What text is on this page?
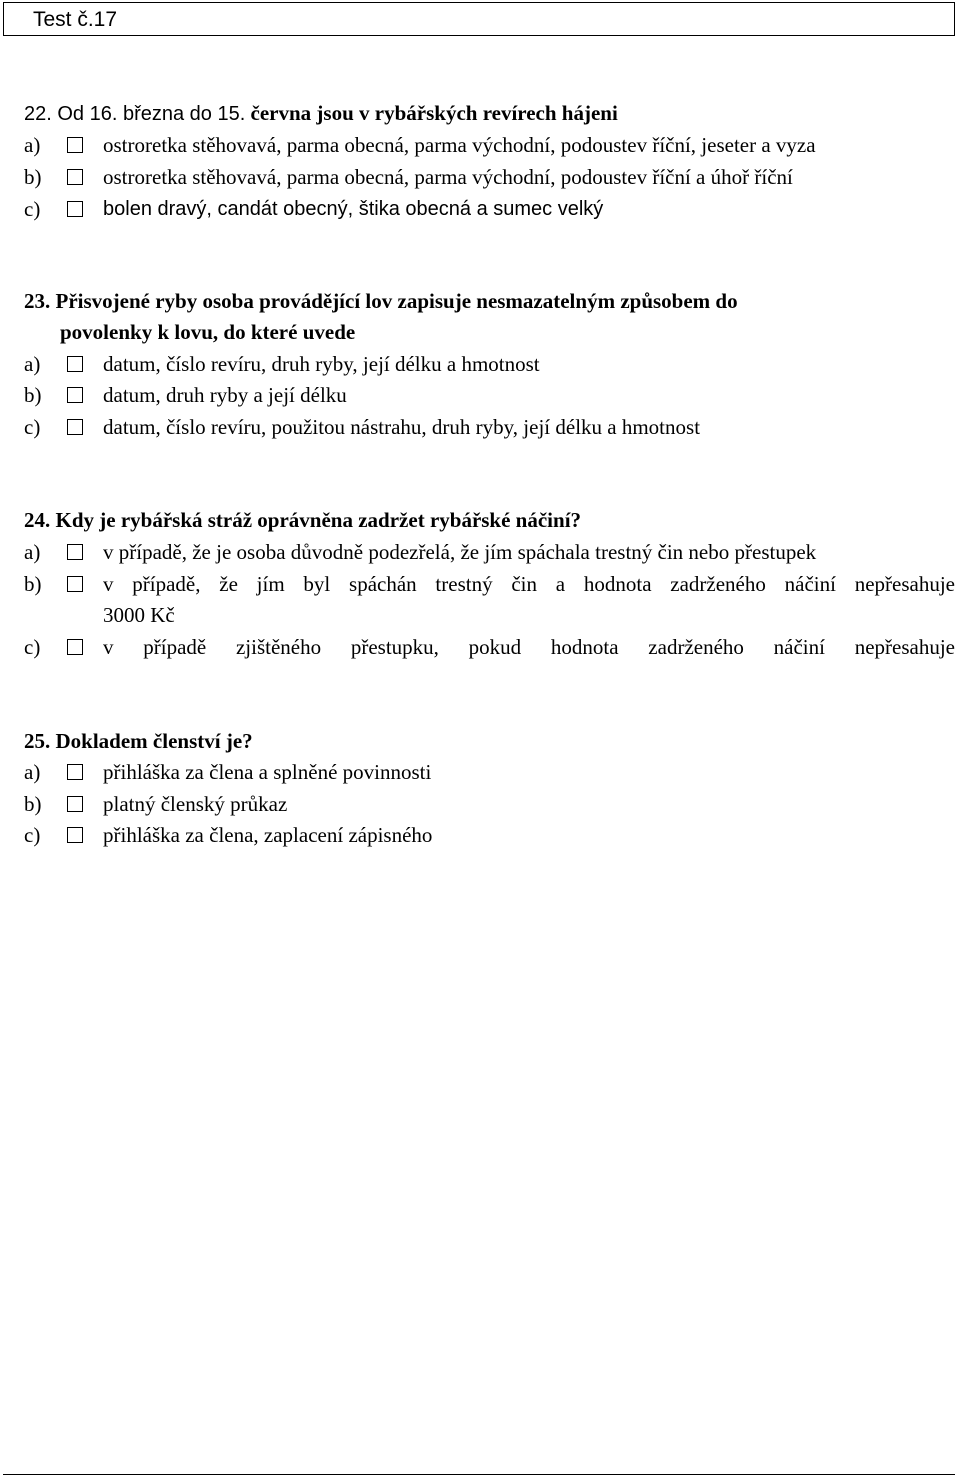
Test č.17
22. Od 16. března do 15. června jsou v rybářských revírech hájeni
a)	ostroretka stěhovavá, parma obecná, parma východní, podoustev říční, jeseter a vyza
b)	ostroretka stěhovavá, parma obecná, parma východní, podoustev říční a úhoř říční
c)	bolen dravý, candát obecný, štika obecná a sumec velký
23. Přisvojené ryby osoba provádějící lov zapisuje nesmazatelným způsobem do
povolenky k lovu, do které uvede
a)	datum, číslo revíru, druh ryby, její délku a hmotnost
b)	datum, druh ryby a její délku
c)	datum, číslo revíru, použitou nástrahu, druh ryby, její délku a hmotnost
24. Kdy je rybářská stráž oprávněna zadržet rybářské náčiní?
a)	v případě, že je osoba důvodně podezřelá, že jím spáchala trestný čin nebo přestupek
b)	v případě, že jím byl spáchán trestný čin a hodnota zadrženého náčiní nepřesahuje
3000 Kč
c)	v případě zjištěného přestupku, pokud hodnota zadrženého náčiní nepřesahuje
25. Dokladem členství je?
a)	přihláška za člena a splněné povinnosti
b)	platný členský průkaz
c)	přihláška za člena, zaplacení zápisného
